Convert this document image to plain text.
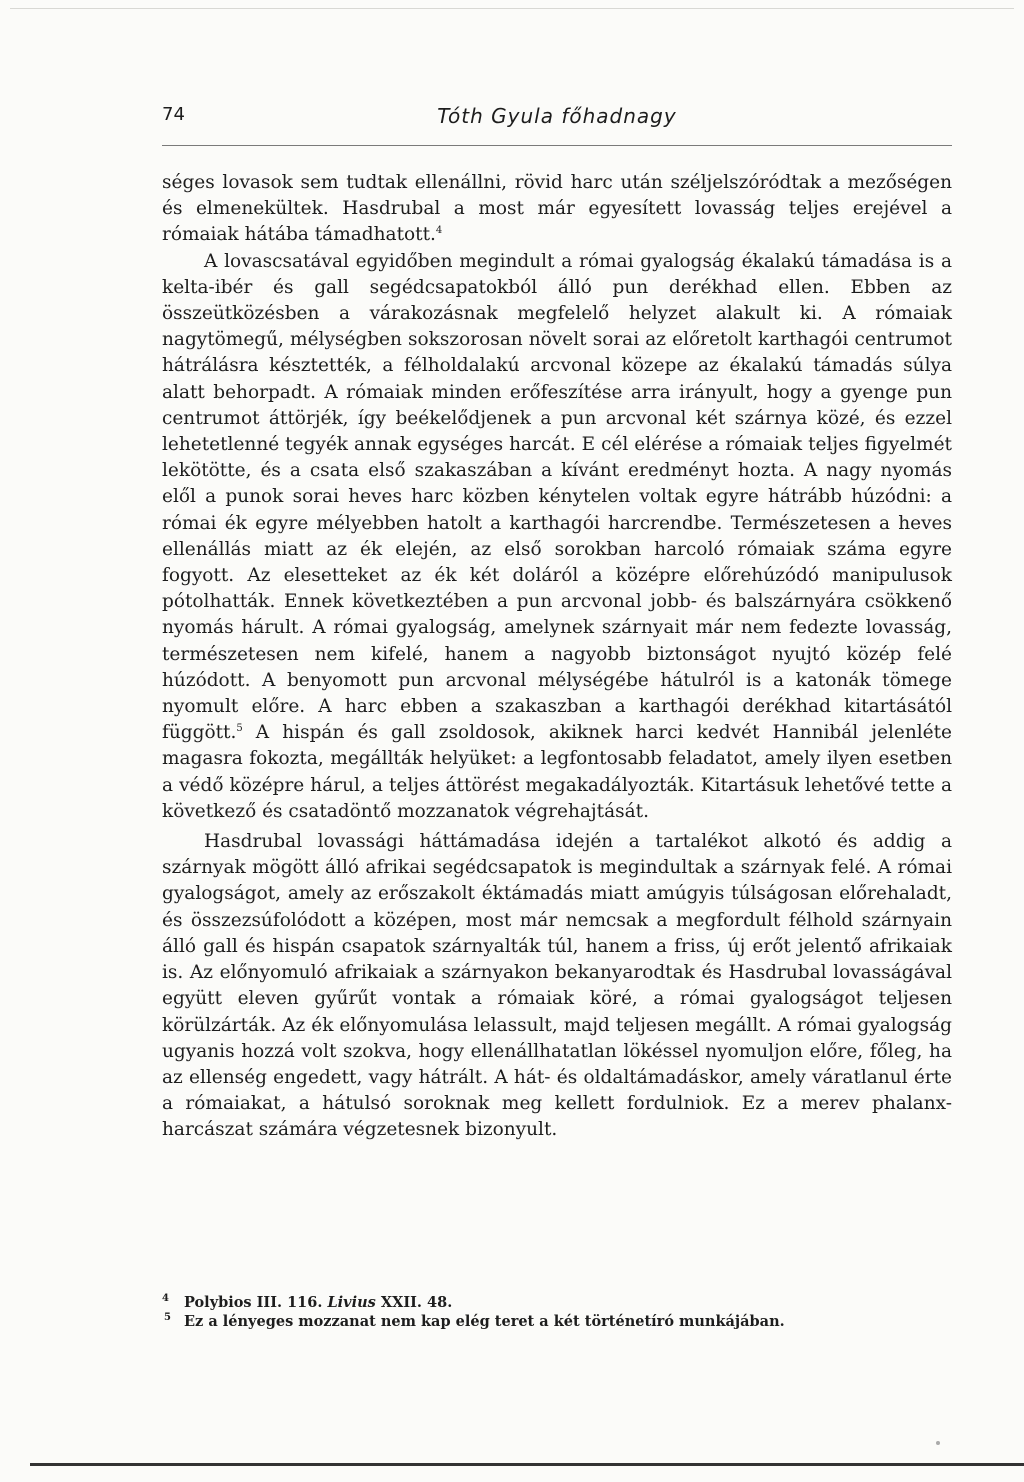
74	Tóth Gyula főhadnagy

séges lovasok sem tudtak ellenállni, rövid harc után széljelszóródtak a mezőségen és elmenekültek. Hasdrubal a most már egyesített lovasság teljes erejével a rómaiak hátába támadhatott.$^4$

A lovascsatával egyidőben megindult a római gyalogság ékalakú támadása is a kelta-ibér és gall segédcsapatokból álló pun derékhad ellen. Ebben az összeütközésben a várakozásnak megfelelő helyzet alakult ki. A rómaiak nagytömegű, mélységben sokszorosan növelt sorai az előretolt karthagói centrumot hátrálásra késztették, a félholdalakú arcvonal közepe az ékalakú támadás súlya alatt behorpadt. A rómaiak minden erőfeszítése arra irányult, hogy a gyenge pun centrumot áttörjék, így beékelődjenek a pun arcvonal két szárnya közé, és ezzel lehetetlenné tegyék annak egységes harcát. E cél elérése a rómaiak teljes figyelmét lekötötte, és a csata első szakaszában a kívánt eredményt hozta. A nagy nyomás elől a punok sorai heves harc közben kénytelen voltak egyre hátrább húzódni: a római ék egyre mélyebben hatolt a karthagói harcrendbe. Természetesen a heves ellenállás miatt az ék elején, az első sorokban harcoló rómaiak száma egyre fogyott. Az elesetteket az ék két doláról a középre előrehúzódó manipulusok pótolhatták. Ennek következtében a pun arcvonal jobb- és balszárnyára csökkenő nyomás hárult. A római gyalogság, amelynek szárnyait már nem fedezte lovasság, természetesen nem kifelé, hanem a nagyobb biztonságot nyujtó közép felé húzódott. A benyomott pun arcvonal mélységébe hátulról is a katonák tömege nyomult előre. A harc ebben a szakaszban a karthagói derékhad kitartásától függött.$^5$ A hispán és gall zsoldosok, akiknek harci kedvét Hannibál jelenléte magasra fokozta, megállták helyüket: a legfontosabb feladatot, amely ilyen esetben a védő középre hárul, a teljes áttörést megakadályozták. Kitartásuk lehetővé tette a következő és csatadöntő mozzanatok végrehajtását.

Hasdrubal lovassági háttámadása idején a tartalékot alkotó és addig a szárnyak mögött álló afrikai segédcsapatok is megindultak a szárnyak felé. A római gyalogságot, amely az erőszakolt éktámadás miatt amúgyis túlságosan előrehaladt, és összezsúfolódott a középen, most már nemcsak a megfordult félhold szárnyain álló gall és hispán csapatok szárnyalták túl, hanem a friss, új erőt jelentő afrikaiak is. Az előnyomuló afrikaiak a szárnyakon bekanyarodtak és Hasdrubal lovasságával együtt eleven gyűrűt vontak a rómaiak köré, a római gyalogságot teljesen körülzárták. Az ék előnyomulása lelassult, majd teljesen megállt. A római gyalogság ugyanis hozzá volt szokva, hogy ellenállhatatlan lökéssel nyomuljon előre, főleg, ha az ellenség engedett, vagy hátrált. A hát- és oldaltámadáskor, amely váratlanul érte a rómaiakat, a hátulsó soroknak meg kellett fordulniok. Ez a merev phalanx-harcászat számára végzetesnek bizonyult.

4 Polybios III. 116. Livius XXII. 48.

5 Ez a lényeges mozzanat nem kap elég teret a két történetíró munkájában.
